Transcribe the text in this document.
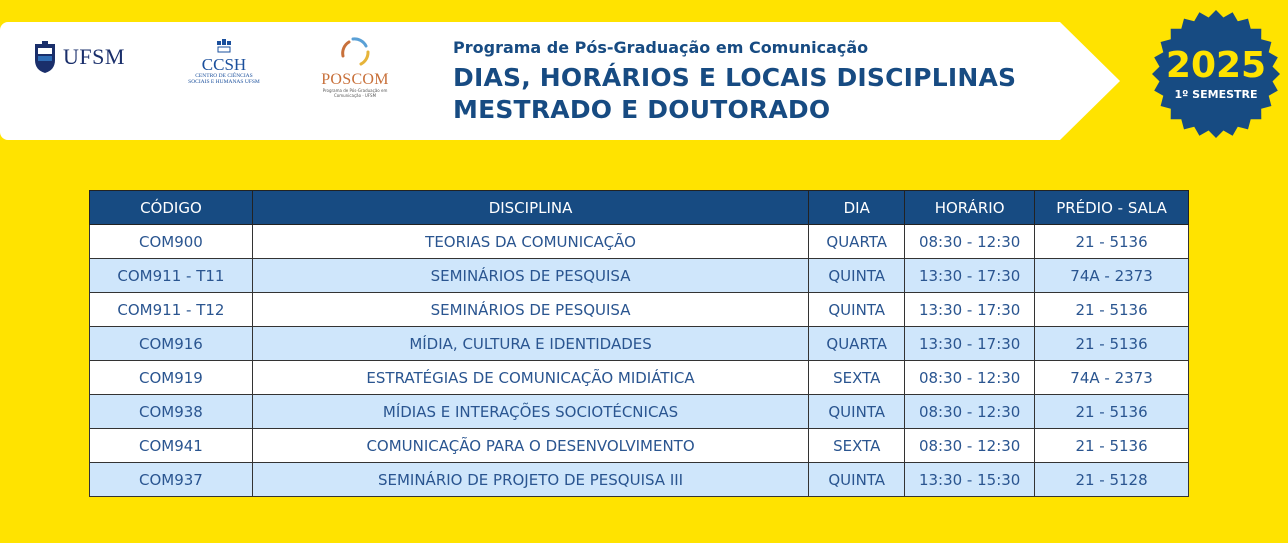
UFSM	CCSH
CENTRO DE CIÊNCIAS SOCIAIS E HUMANAS UFSM	POSCOM
Programa de Pós-Graduação em Comunicação · UFSM
Programa de Pós-Graduação em Comunicação
DIAS, HORÁRIOS E LOCAIS DISCIPLINAS
MESTRADO E DOUTORADO
2025
1º SEMESTRE
CÓDIGO	DISCIPLINA	DIA	HORÁRIO	PRÉDIO - SALA
COM900	TEORIAS DA COMUNICAÇÃO	QUARTA	08:30 - 12:30	21 - 5136
COM911 - T11	SEMINÁRIOS DE PESQUISA	QUINTA	13:30 - 17:30	74A - 2373
COM911 - T12	SEMINÁRIOS DE PESQUISA	QUINTA	13:30 - 17:30	21 - 5136
COM916	MÍDIA, CULTURA E IDENTIDADES	QUARTA	13:30 - 17:30	21 - 5136
COM919	ESTRATÉGIAS DE COMUNICAÇÃO MIDIÁTICA	SEXTA	08:30 - 12:30	74A - 2373
COM938	MÍDIAS E INTERAÇÕES SOCIOTÉCNICAS	QUINTA	08:30 - 12:30	21 - 5136
COM941	COMUNICAÇÃO PARA O DESENVOLVIMENTO	SEXTA	08:30 - 12:30	21 - 5136
COM937	SEMINÁRIO DE PROJETO DE PESQUISA III	QUINTA	13:30 - 15:30	21 - 5128
